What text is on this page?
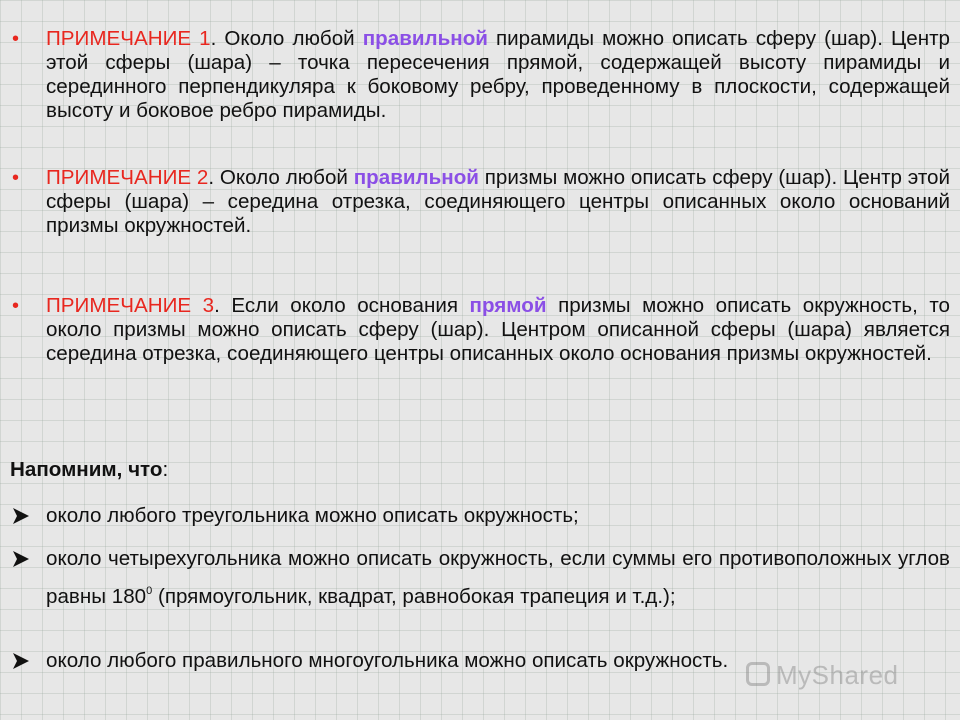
• ПРИМЕЧАНИЕ 1. Около любой правильной пирамиды можно описать сферу (шар). Центр этой сферы (шара) – точка пересечения прямой, содержащей высоту пирамиды и серединного перпендикуляра к боковому ребру, проведенному в плоскости, содержащей высоту и боковое ребро пирамиды.
• ПРИМЕЧАНИЕ 2. Около любой правильной призмы можно описать сферу (шар). Центр этой сферы (шара) – середина отрезка, соединяющего центры описанных около оснований призмы окружностей.
• ПРИМЕЧАНИЕ 3. Если около основания прямой призмы можно описать окружность, то около призмы можно описать сферу (шар). Центром описанной сферы (шара) является середина отрезка, соединяющего центры описанных около основания призмы окружностей.
Напомним, что:
около любого треугольника можно описать окружность;
около четырехугольника можно описать окружность, если суммы его противоположных углов равны $180^0$ (прямоугольник, квадрат, равнобокая трапеция и т.д.);
около любого правильного многоугольника можно описать окружность.	MyShared
